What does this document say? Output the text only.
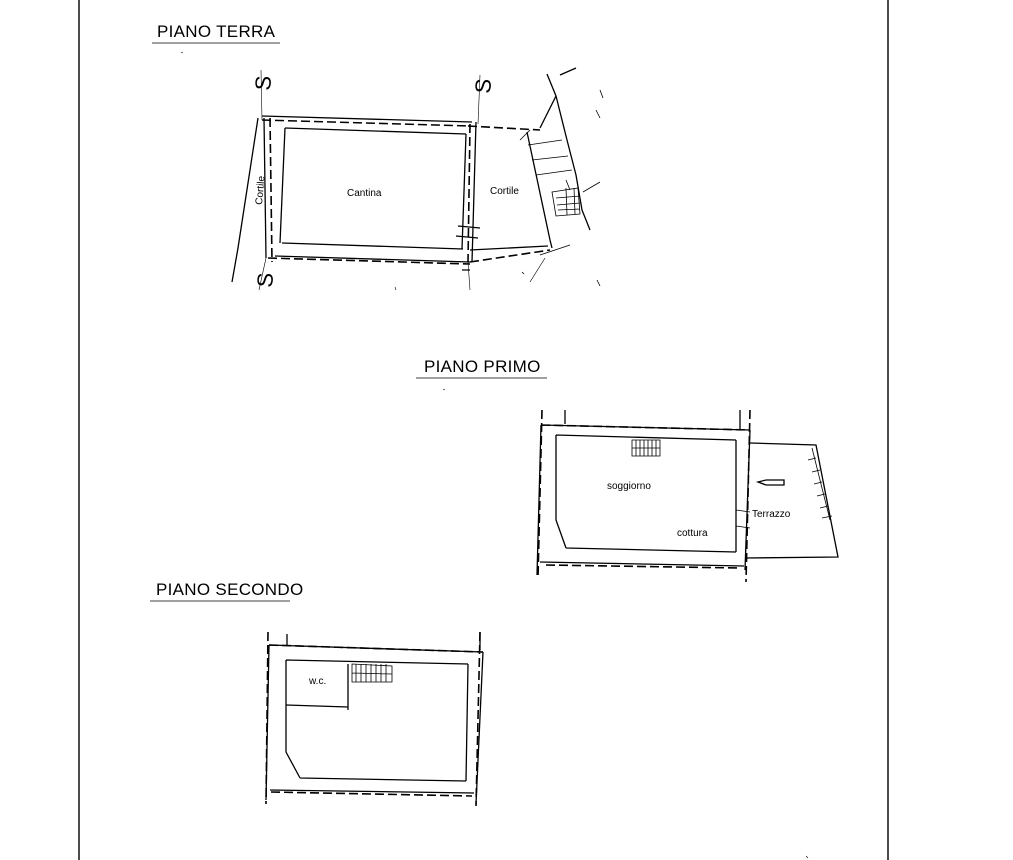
PIANO TERRA
Cantina	Cortile
Cortile
S	S
S
PIANO PRIMO
soggiorno
cottura
Terrazzo
PIANO SECONDO
w.c.
